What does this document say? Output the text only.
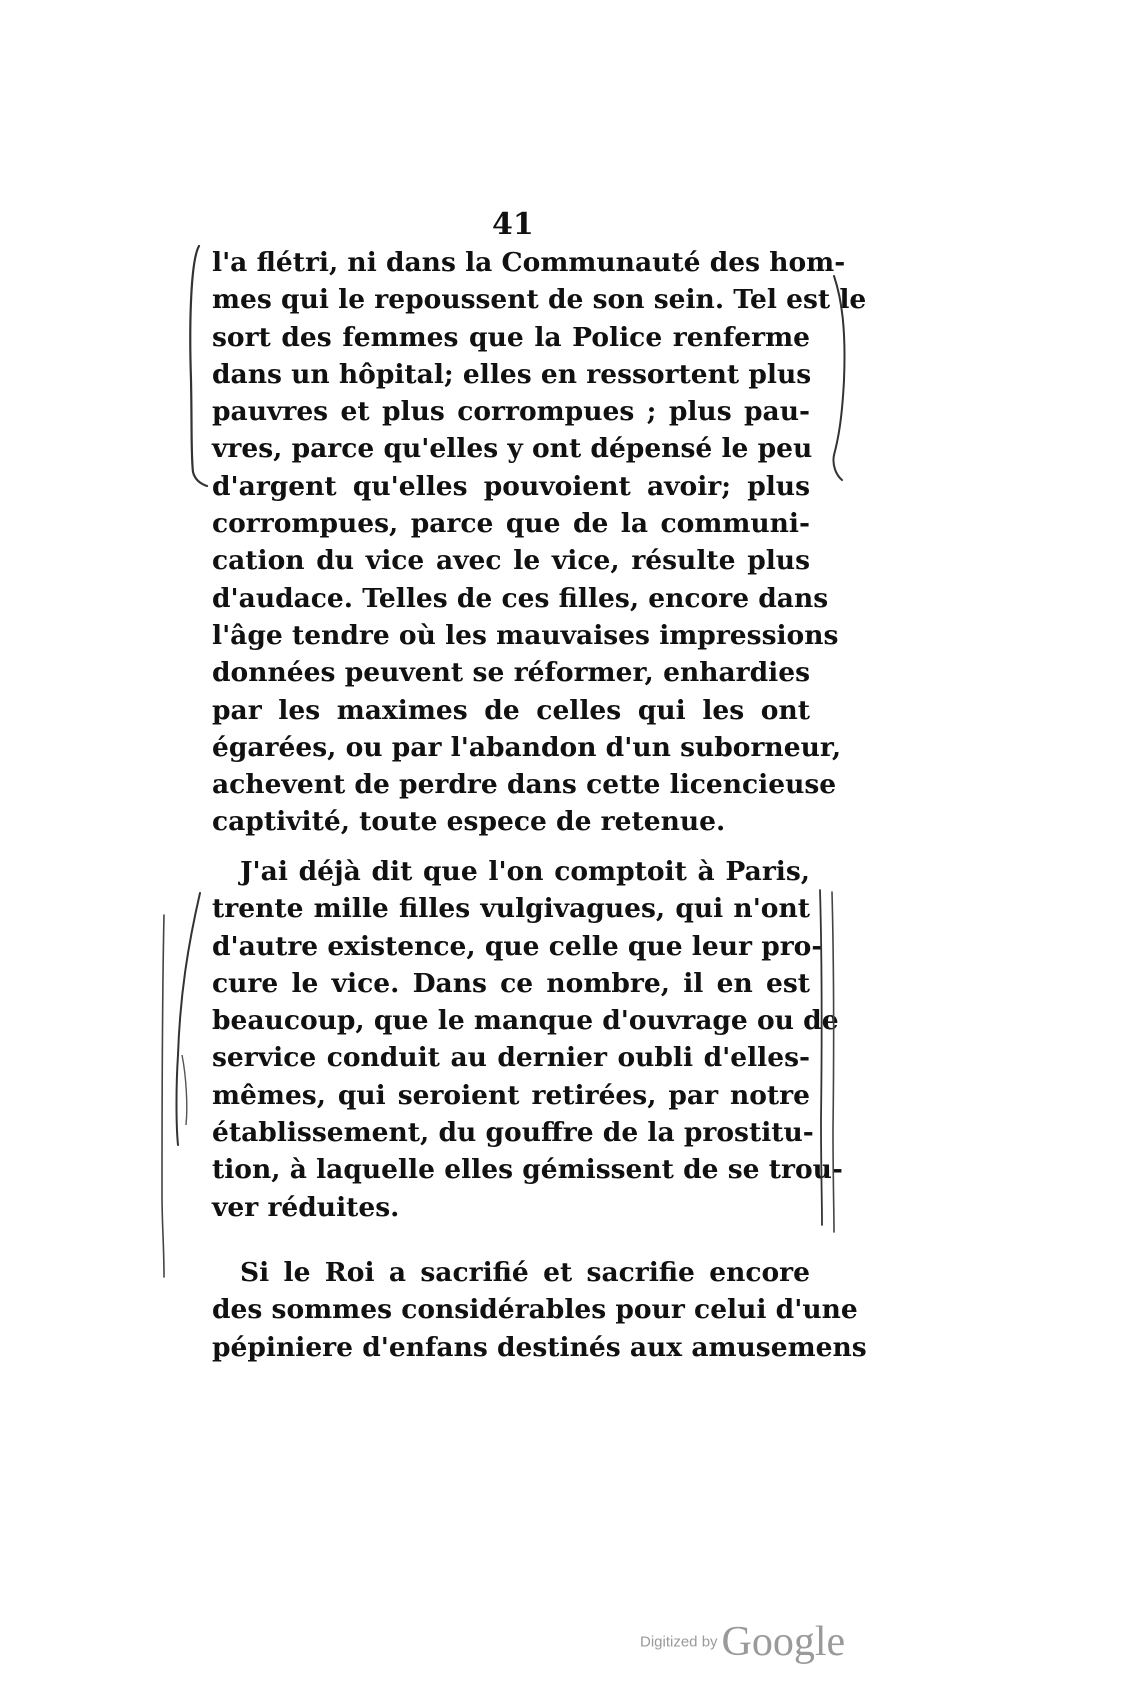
41

l'a flétri, ni dans la Communauté des hom-
mes qui le repoussent de son sein. Tel est le
sort des femmes que la Police renferme
dans un hôpital; elles en ressortent plus
pauvres et plus corrompues ; plus pau-
vres, parce qu'elles y ont dépensé le peu
d'argent qu'elles pouvoient avoir; plus
corrompues, parce que de la communi-
cation du vice avec le vice, résulte plus
d'audace. Telles de ces filles, encore dans
l'âge tendre où les mauvaises impressions
données peuvent se réformer, enhardies
par les maximes de celles qui les ont
égarées, ou par l'abandon d'un suborneur,
achevent de perdre dans cette licencieuse
captivité, toute espece de retenue.

J'ai déjà dit que l'on comptoit à Paris,
trente mille filles vulgivagues, qui n'ont
d'autre existence, que celle que leur pro-
cure le vice. Dans ce nombre, il en est
beaucoup, que le manque d'ouvrage ou de
service conduit au dernier oubli d'elles-
mêmes, qui seroient retirées, par notre
établissement, du gouffre de la prostitu-
tion, à laquelle elles gémissent de se trou-
ver réduites.

Si le Roi a sacrifié et sacrifie encore
des sommes considérables pour celui d'une
pépiniere d'enfans destinés aux amusemens

Digitized byGoogle
